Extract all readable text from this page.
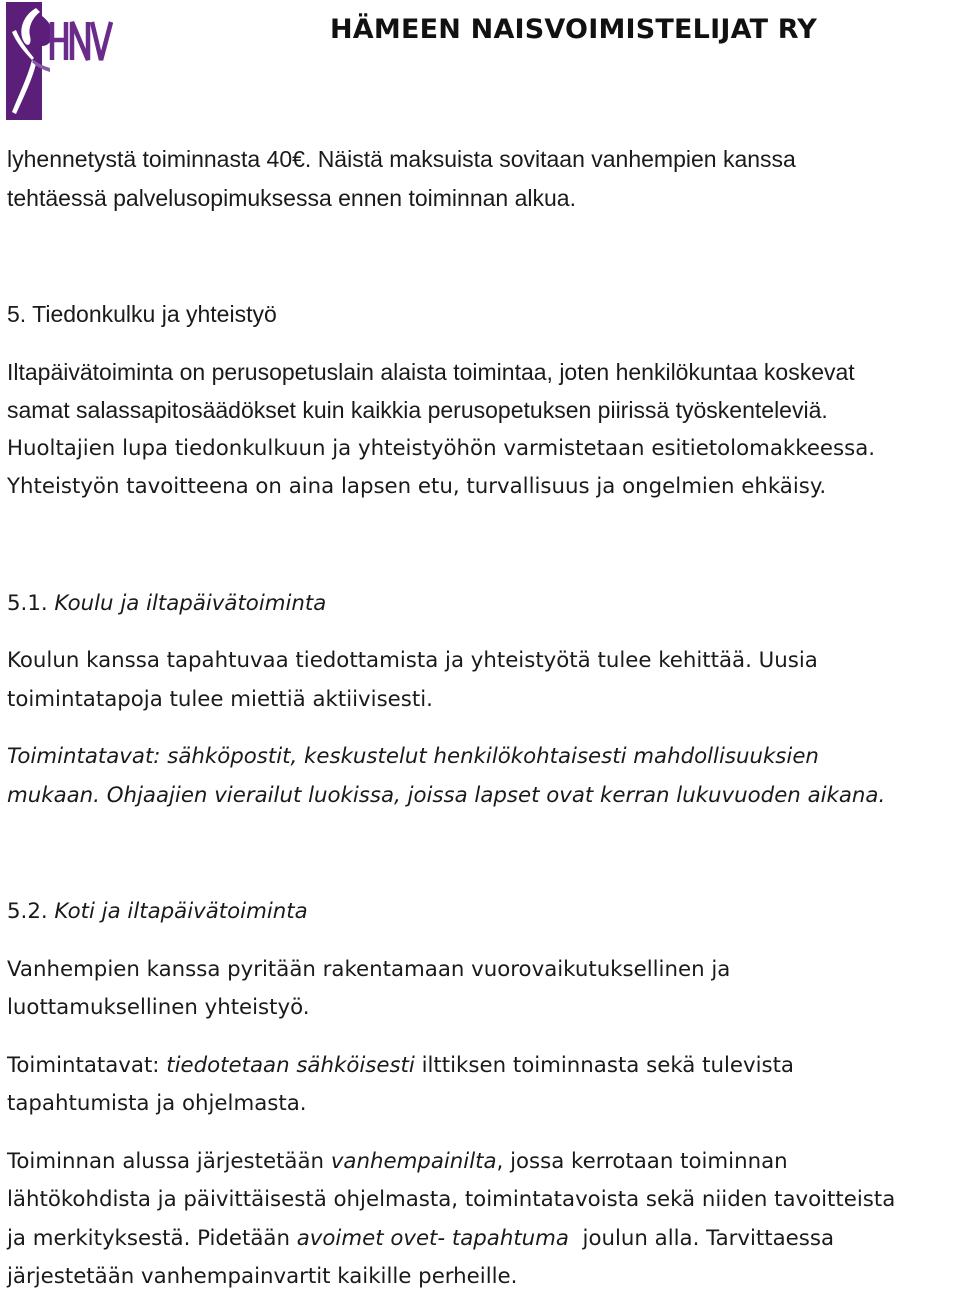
HÄMEEN NAISVOIMISTELIJAT RY

lyhennetystä toiminnasta 40€. Näistä maksuista sovitaan vanhempien kanssa

tehtäessä palvelusopimuksessa ennen toiminnan alkua.

5. Tiedonkulku ja yhteistyö

Iltapäivätoiminta on perusopetuslain alaista toimintaa, joten henkilökuntaa koskevat

samat salassapitosäädökset kuin kaikkia perusopetuksen piirissä työskenteleviä.

Huoltajien lupa tiedonkulkuun ja yhteistyöhön varmistetaan esitietolomakkeessa.

Yhteistyön tavoitteena on aina lapsen etu, turvallisuus ja ongelmien ehkäisy.

5.1. Koulu ja iltapäivätoiminta

Koulun kanssa tapahtuvaa tiedottamista ja yhteistyötä tulee kehittää. Uusia

toimintatapoja tulee miettiä aktiivisesti.

Toimintatavat: sähköpostit, keskustelut henkilökohtaisesti mahdollisuuksien

mukaan. Ohjaajien vierailut luokissa, joissa lapset ovat kerran lukuvuoden aikana.

5.2. Koti ja iltapäivätoiminta

Vanhempien kanssa pyritään rakentamaan vuorovaikutuksellinen ja

luottamuksellinen yhteistyö.

Toimintatavat: tiedotetaan sähköisesti ilttiksen toiminnasta sekä tulevista

tapahtumista ja ohjelmasta.

Toiminnan alussa järjestetään vanhempainilta, jossa kerrotaan toiminnan

lähtökohdista ja päivittäisestä ohjelmasta, toimintatavoista sekä niiden tavoitteista

ja merkityksestä. Pidetään avoimet ovet- tapahtuma  joulun alla. Tarvittaessa

järjestetään vanhempainvartit kaikille perheille.
